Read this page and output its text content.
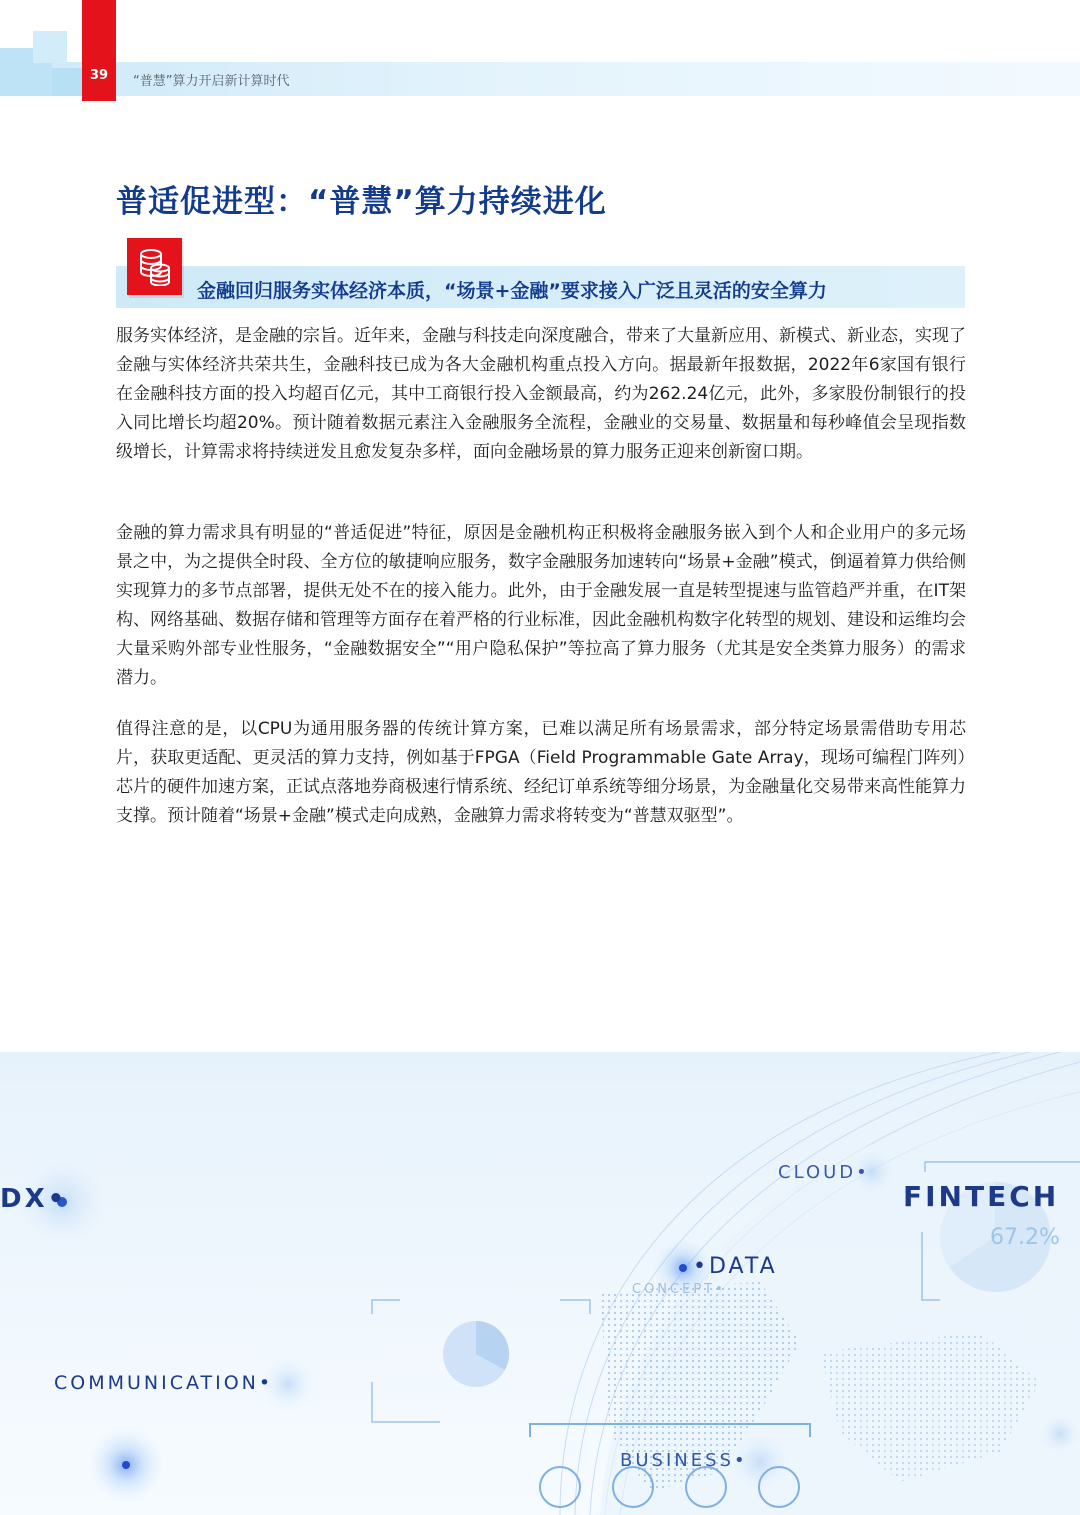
39	“普慧”算力开启新计算时代
普适促进型：“普慧”算力持续进化
金融回归服务实体经济本质，“场景+金融”要求接入广泛且灵活的安全算力

服务实体经济，是金融的宗旨。近年来，金融与科技走向深度融合，带来了大量新应用、新模式、新业态，实现了金融与实体经济共荣共生，金融科技已成为各大金融机构重点投入方向。据最新年报数据，2022年6家国有银行在金融科技方面的投入均超百亿元，其中工商银行投入金额最高，约为262.24亿元，此外，多家股份制银行的投入同比增长均超20%。预计随着数据元素注入金融服务全流程，金融业的交易量、数据量和每秒峰值会呈现指数级增长，计算需求将持续迸发且愈发复杂多样，面向金融场景的算力服务正迎来创新窗口期。

金融的算力需求具有明显的“普适促进”特征，原因是金融机构正积极将金融服务嵌入到个人和企业用户的多元场景之中，为之提供全时段、全方位的敏捷响应服务，数字金融服务加速转向“场景+金融”模式，倒逼着算力供给侧实现算力的多节点部署，提供无处不在的接入能力。此外，由于金融发展一直是转型提速与监管趋严并重，在IT架构、网络基础、数据存储和管理等方面存在着严格的行业标准，因此金融机构数字化转型的规划、建设和运维均会大量采购外部专业性服务，“金融数据安全”“用户隐私保护”等拉高了算力服务（尤其是安全类算力服务）的需求潜力。

值得注意的是，以CPU为通用服务器的传统计算方案，已难以满足所有场景需求，部分特定场景需借助专用芯片，获取更适配、更灵活的算力支持，例如基于FPGA（Field Programmable Gate Array，现场可编程门阵列）芯片的硬件加速方案，正试点落地券商极速行情系统、经纪订单系统等细分场景，为金融量化交易带来高性能算力支撑。预计随着“场景+金融”模式走向成熟，金融算力需求将转变为“普慧双驱型”。

DX•
CLOUD•
FINTECH
67.2%
•DATA
CONCEPT•
COMMUNICATION•
BUSINESS•
